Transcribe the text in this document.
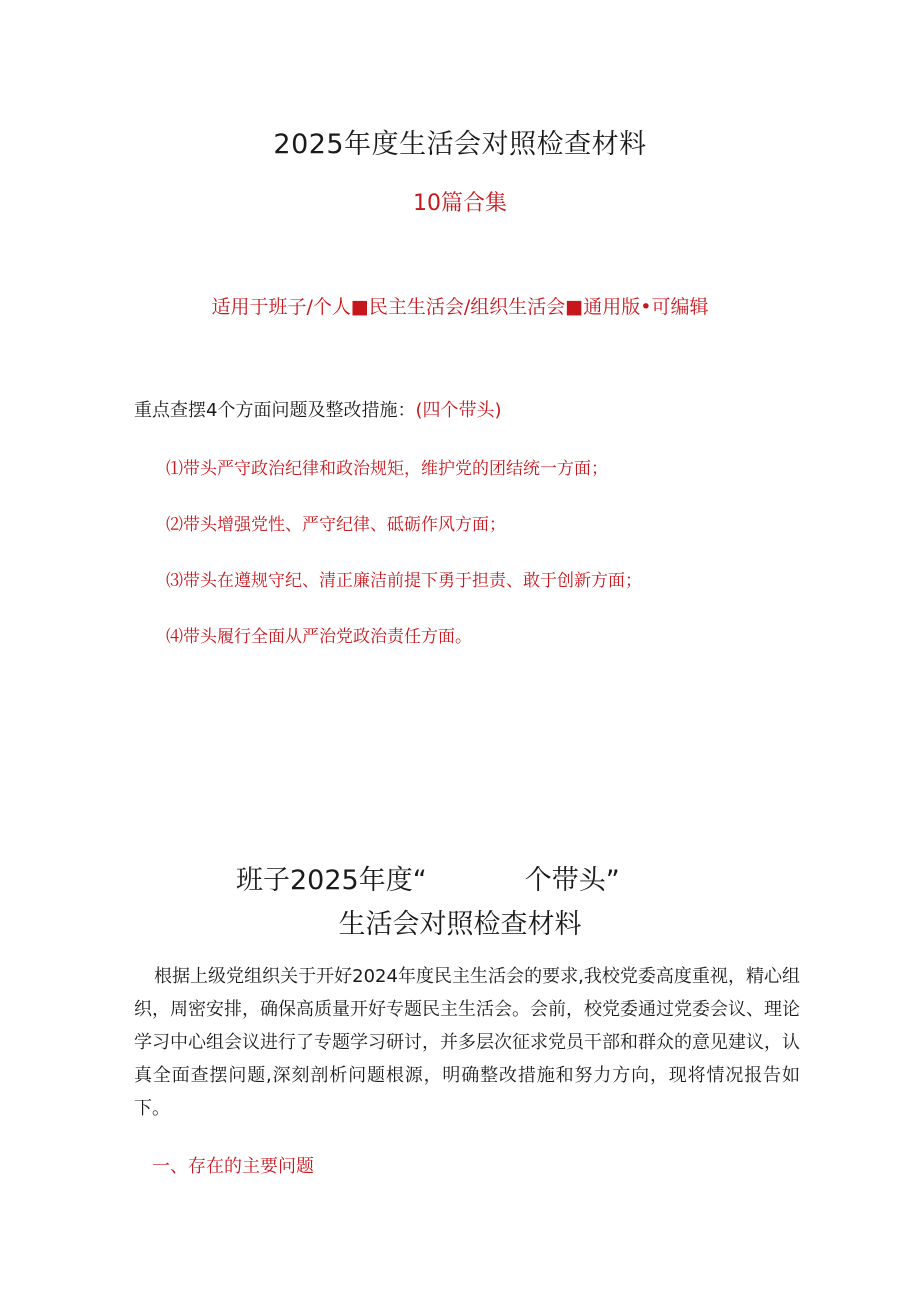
2025年度生活会对照检查材料
10篇合集
适用于班子/个人■民主生活会/组织生活会■通用版•可编辑
重点查摆4个方面问题及整改措施：(四个带头)
⑴带头严守政治纪律和政治规矩，维护党的团结统一方面；
⑵带头增强党性、严守纪律、砥砺作风方面；
⑶带头在遵规守纪、清正廉洁前提下勇于担责、敢于创新方面；
⑷带头履行全面从严治党政治责任方面。
班子2025年度“	个带头”
生活会对照检查材料
根据上级党组织关于开好2024年度民主生活会的要求,我校党委高度重视，精心组织，周密安排，确保高质量开好专题民主生活会。会前，校党委通过党委会议、理论学习中心组会议进行了专题学习研讨，并多层次征求党员干部和群众的意见建议，认真全面查摆问题,深刻剖析问题根源，明确整改措施和努力方向，现将情况报告如下。
一、存在的主要问题
